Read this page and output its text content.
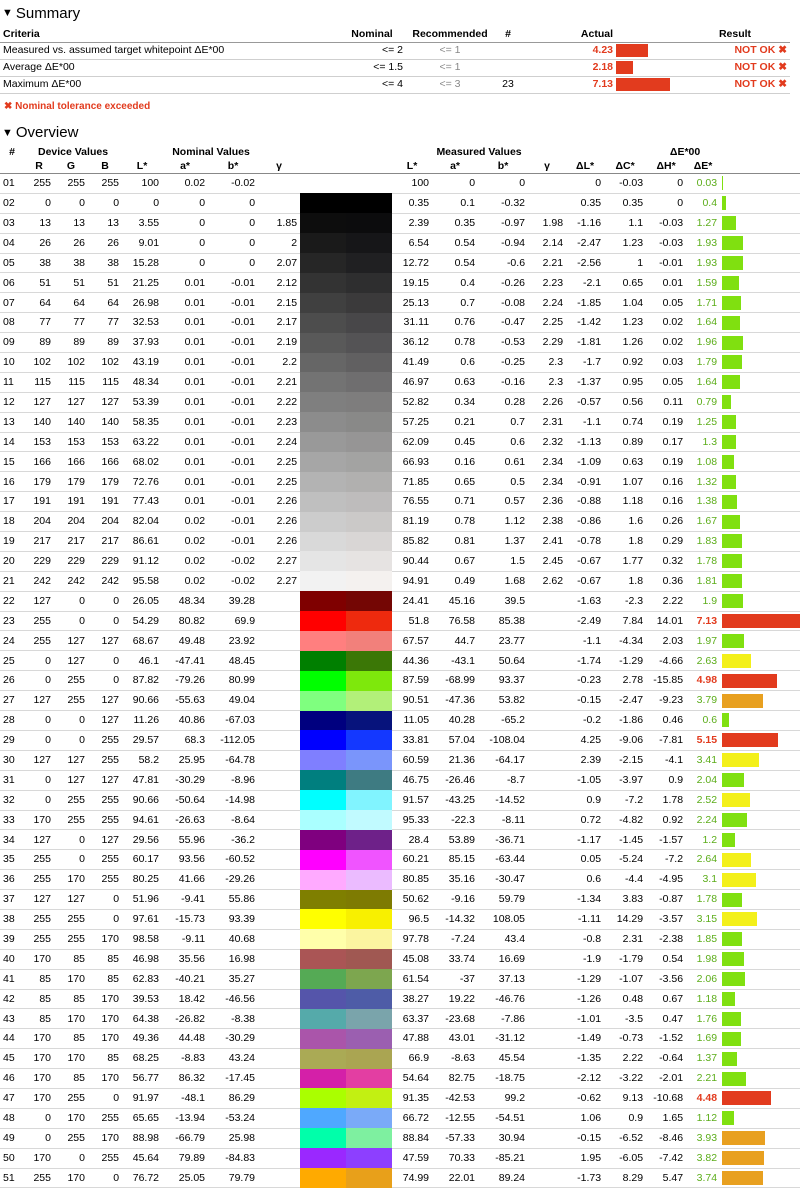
▼ Summary
Criteria	Nominal	Recommended	#	Actual		Result
Measured vs. assumed target whitepoint ΔE*00	<= 2	<= 1		4.23		NOT OK ✖
Average ΔE*00	<= 1.5	<= 1		2.18		NOT OK ✖
Maximum ΔE*00	<= 4	<= 3	23	7.13		NOT OK ✖
✖ Nominal tolerance exceeded
▼ Overview
#	Device Values			Nominal Values						Measured Values				ΔE*00				
	R	G	B	L*	a*	b*	γ			L*	a*	b*	γ	ΔL*	ΔC*	ΔH*	ΔE*	
01	255	255	255	100	0.02	-0.02				100	0	0		0	-0.03	0	0.03	

02	0	0	0	0	0	0				0.35	0.1	-0.32		0.35	0.35	0	0.4	

03	13	13	13	3.55	0	0	1.85			2.39	0.35	-0.97	1.98	-1.16	1.1	-0.03	1.27	

04	26	26	26	9.01	0	0	2			6.54	0.54	-0.94	2.14	-2.47	1.23	-0.03	1.93	

05	38	38	38	15.28	0	0	2.07			12.72	0.54	-0.6	2.21	-2.56	1	-0.01	1.93	

06	51	51	51	21.25	0.01	-0.01	2.12			19.15	0.4	-0.26	2.23	-2.1	0.65	0.01	1.59	

07	64	64	64	26.98	0.01	-0.01	2.15			25.13	0.7	-0.08	2.24	-1.85	1.04	0.05	1.71	

08	77	77	77	32.53	0.01	-0.01	2.17			31.11	0.76	-0.47	2.25	-1.42	1.23	0.02	1.64	

09	89	89	89	37.93	0.01	-0.01	2.19			36.12	0.78	-0.53	2.29	-1.81	1.26	0.02	1.96	

10	102	102	102	43.19	0.01	-0.01	2.2			41.49	0.6	-0.25	2.3	-1.7	0.92	0.03	1.79	

11	115	115	115	48.34	0.01	-0.01	2.21			46.97	0.63	-0.16	2.3	-1.37	0.95	0.05	1.64	

12	127	127	127	53.39	0.01	-0.01	2.22			52.82	0.34	0.28	2.26	-0.57	0.56	0.11	0.79	

13	140	140	140	58.35	0.01	-0.01	2.23			57.25	0.21	0.7	2.31	-1.1	0.74	0.19	1.25	

14	153	153	153	63.22	0.01	-0.01	2.24			62.09	0.45	0.6	2.32	-1.13	0.89	0.17	1.3	

15	166	166	166	68.02	0.01	-0.01	2.25			66.93	0.16	0.61	2.34	-1.09	0.63	0.19	1.08	

16	179	179	179	72.76	0.01	-0.01	2.25			71.85	0.65	0.5	2.34	-0.91	1.07	0.16	1.32	

17	191	191	191	77.43	0.01	-0.01	2.26			76.55	0.71	0.57	2.36	-0.88	1.18	0.16	1.38	

18	204	204	204	82.04	0.02	-0.01	2.26			81.19	0.78	1.12	2.38	-0.86	1.6	0.26	1.67	

19	217	217	217	86.61	0.02	-0.01	2.26			85.82	0.81	1.37	2.41	-0.78	1.8	0.29	1.83	

20	229	229	229	91.12	0.02	-0.02	2.27			90.44	0.67	1.5	2.45	-0.67	1.77	0.32	1.78	

21	242	242	242	95.58	0.02	-0.02	2.27			94.91	0.49	1.68	2.62	-0.67	1.8	0.36	1.81	

22	127	0	0	26.05	48.34	39.28				24.41	45.16	39.5		-1.63	-2.3	2.22	1.9	

23	255	0	0	54.29	80.82	69.9				51.8	76.58	85.38		-2.49	7.84	14.01	7.13	

24	255	127	127	68.67	49.48	23.92				67.57	44.7	23.77		-1.1	-4.34	2.03	1.97	

25	0	127	0	46.1	-47.41	48.45				44.36	-43.1	50.64		-1.74	-1.29	-4.66	2.63	

26	0	255	0	87.82	-79.26	80.99				87.59	-68.99	93.37		-0.23	2.78	-15.85	4.98	

27	127	255	127	90.66	-55.63	49.04				90.51	-47.36	53.82		-0.15	-2.47	-9.23	3.79	

28	0	0	127	11.26	40.86	-67.03				11.05	40.28	-65.2		-0.2	-1.86	0.46	0.6	

29	0	0	255	29.57	68.3	-112.05				33.81	57.04	-108.04		4.25	-9.06	-7.81	5.15	

30	127	127	255	58.2	25.95	-64.78				60.59	21.36	-64.17		2.39	-2.15	-4.1	3.41	

31	0	127	127	47.81	-30.29	-8.96				46.75	-26.46	-8.7		-1.05	-3.97	0.9	2.04	

32	0	255	255	90.66	-50.64	-14.98				91.57	-43.25	-14.52		0.9	-7.2	1.78	2.52	

33	170	255	255	94.61	-26.63	-8.64				95.33	-22.3	-8.11		0.72	-4.82	0.92	2.24	

34	127	0	127	29.56	55.96	-36.2				28.4	53.89	-36.71		-1.17	-1.45	-1.57	1.2	

35	255	0	255	60.17	93.56	-60.52				60.21	85.15	-63.44		0.05	-5.24	-7.2	2.64	

36	255	170	255	80.25	41.66	-29.26				80.85	35.16	-30.47		0.6	-4.4	-4.95	3.1	

37	127	127	0	51.96	-9.41	55.86				50.62	-9.16	59.79		-1.34	3.83	-0.87	1.78	

38	255	255	0	97.61	-15.73	93.39				96.5	-14.32	108.05		-1.11	14.29	-3.57	3.15	

39	255	255	170	98.58	-9.11	40.68				97.78	-7.24	43.4		-0.8	2.31	-2.38	1.85	

40	170	85	85	46.98	35.56	16.98				45.08	33.74	16.69		-1.9	-1.79	0.54	1.98	

41	85	170	85	62.83	-40.21	35.27				61.54	-37	37.13		-1.29	-1.07	-3.56	2.06	

42	85	85	170	39.53	18.42	-46.56				38.27	19.22	-46.76		-1.26	0.48	0.67	1.18	

43	85	170	170	64.38	-26.82	-8.38				63.37	-23.68	-7.86		-1.01	-3.5	0.47	1.76	

44	170	85	170	49.36	44.48	-30.29				47.88	43.01	-31.12		-1.49	-0.73	-1.52	1.69	

45	170	170	85	68.25	-8.83	43.24				66.9	-8.63	45.54		-1.35	2.22	-0.64	1.37	

46	170	85	170	56.77	86.32	-17.45				54.64	82.75	-18.75		-2.12	-3.22	-2.01	2.21	

47	170	255	0	91.97	-48.1	86.29				91.35	-42.53	99.2		-0.62	9.13	-10.68	4.48	

48	0	170	255	65.65	-13.94	-53.24				66.72	-12.55	-54.51		1.06	0.9	1.65	1.12	

49	0	255	170	88.98	-66.79	25.98				88.84	-57.33	30.94		-0.15	-6.52	-8.46	3.93	

50	170	0	255	45.64	79.89	-84.83				47.59	70.33	-85.21		1.95	-6.05	-7.42	3.82	

51	255	170	0	76.72	25.05	79.79				74.99	22.01	89.24		-1.73	8.29	5.47	3.74	
